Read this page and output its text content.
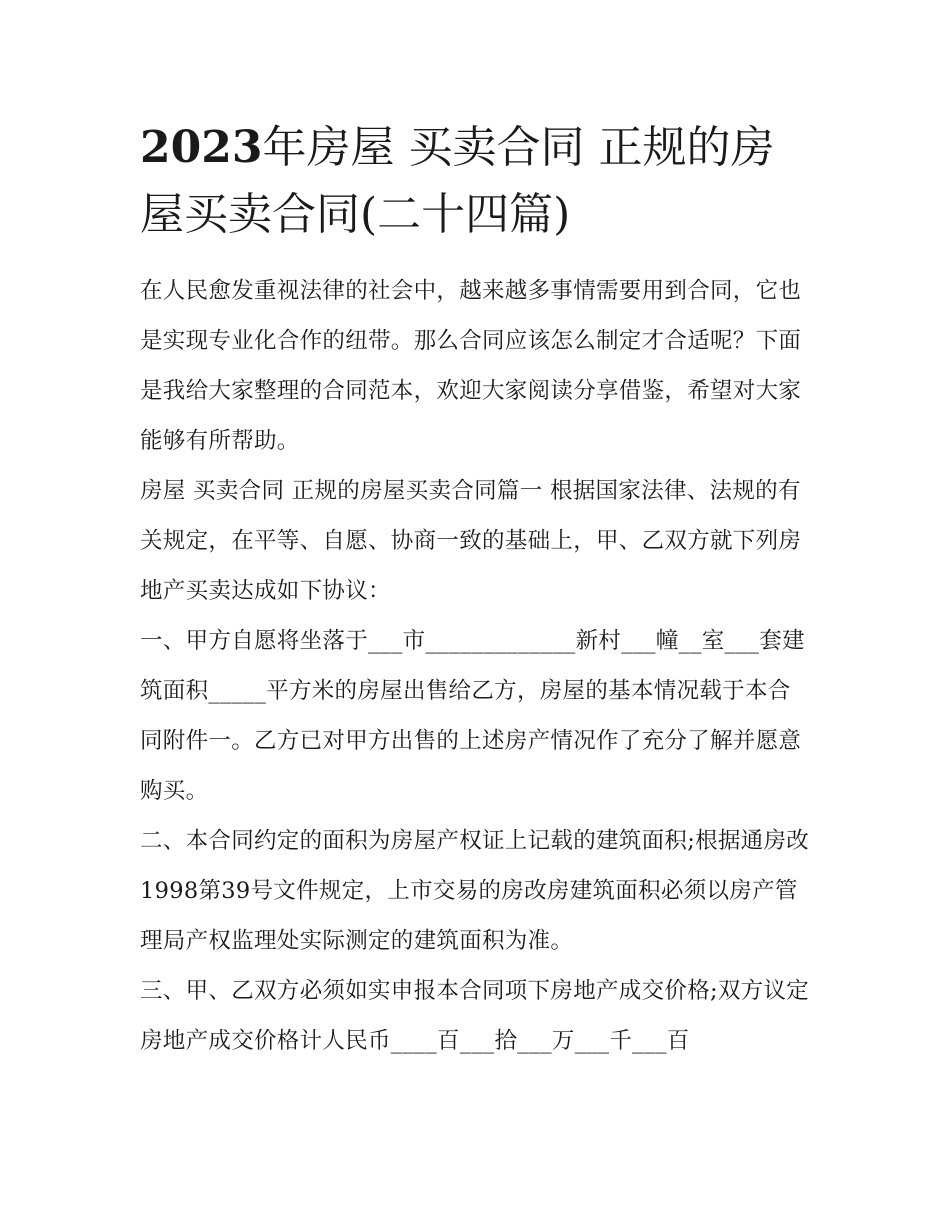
2023年房屋 买卖合同 正规的房屋买卖合同(二十四篇)

在人民愈发重视法律的社会中，越来越多事情需要用到合同，它也是实现专业化合作的纽带。那么合同应该怎么制定才合适呢？下面是我给大家整理的合同范本，欢迎大家阅读分享借鉴，希望对大家能够有所帮助。

房屋 买卖合同 正规的房屋买卖合同篇一 根据国家法律、法规的有关规定，在平等、自愿、协商一致的基础上，甲、乙双方就下列房地产买卖达成如下协议：

一、甲方自愿将坐落于___市_____________新村___幢__室___套建筑面积_____平方米的房屋出售给乙方，房屋的基本情况载于本合同附件一。乙方已对甲方出售的上述房产情况作了充分了解并愿意购买。

二、本合同约定的面积为房屋产权证上记载的建筑面积;根据通房改1998第39号文件规定，上市交易的房改房建筑面积必须以房产管理局产权监理处实际测定的建筑面积为准。

三、甲、乙双方必须如实申报本合同项下房地产成交价格;双方议定房地产成交价格计人民币____百___拾___万___千___百
